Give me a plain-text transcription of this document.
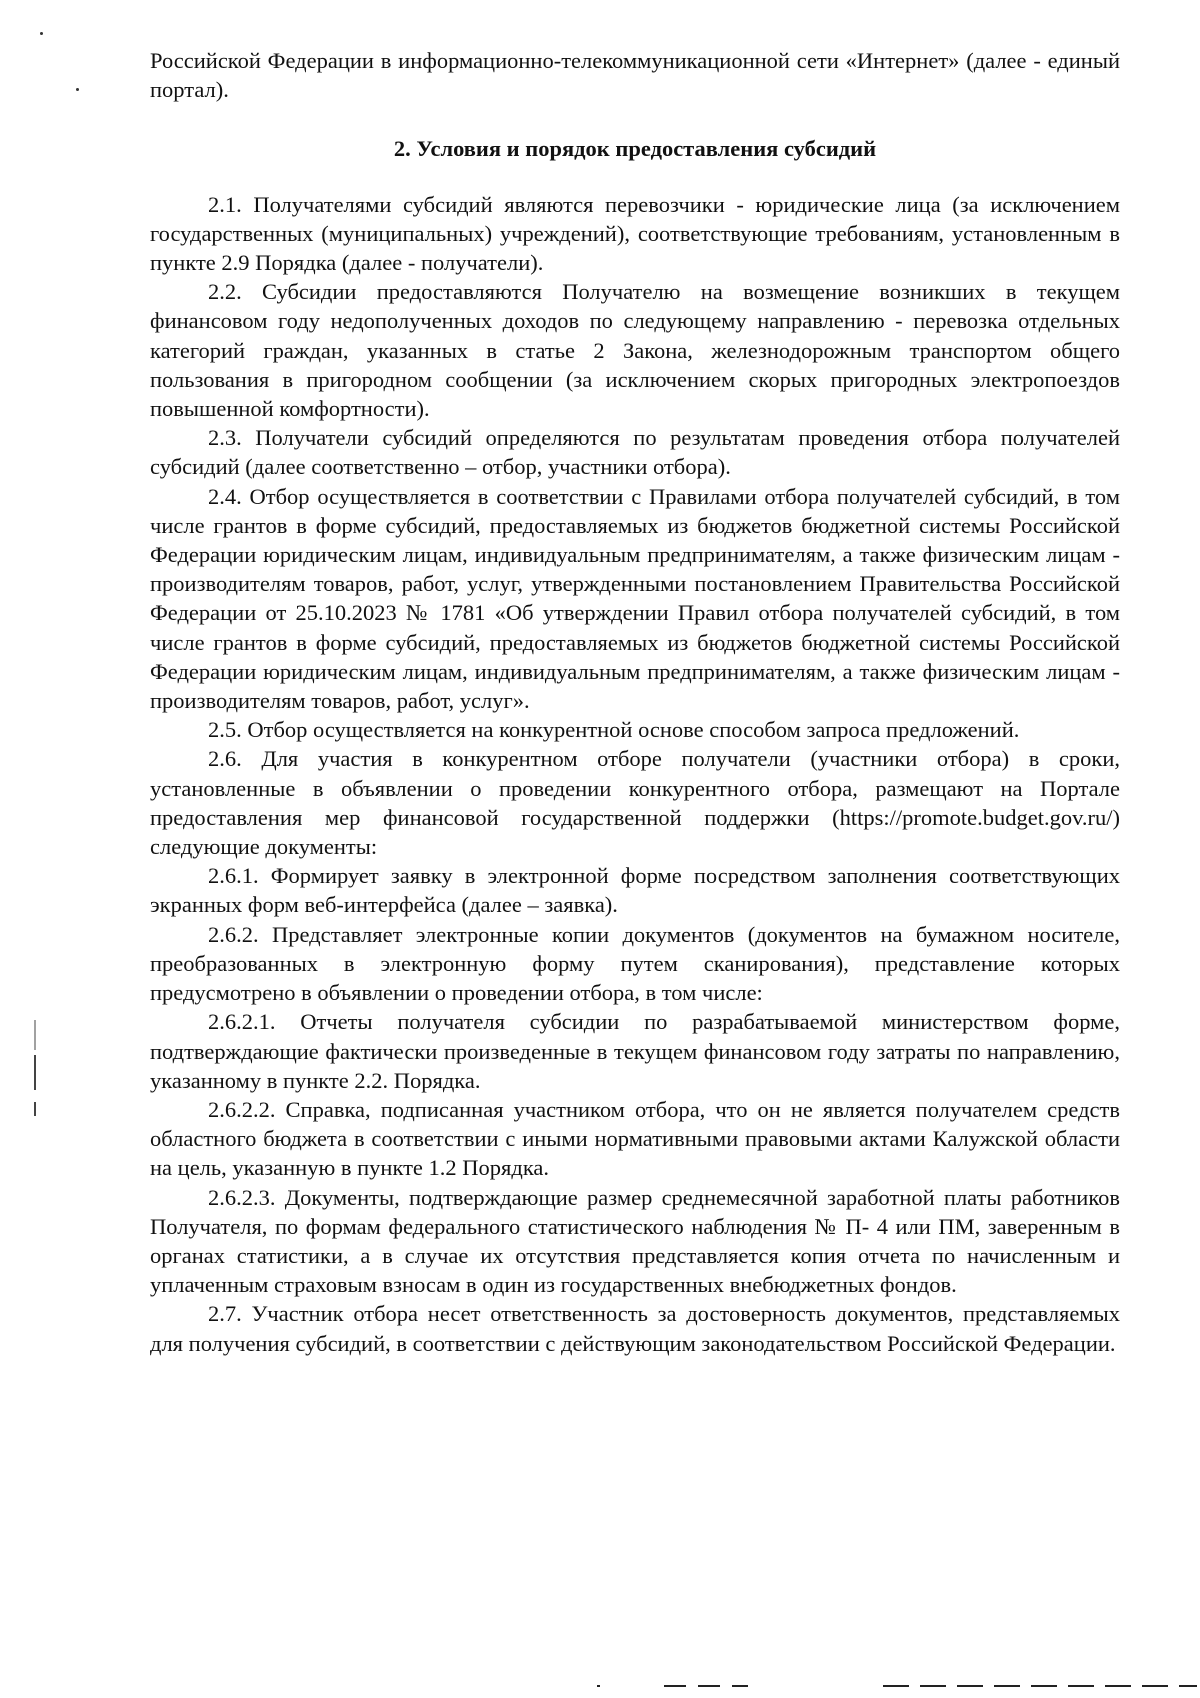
Российской Федерации в информационно-телекоммуникационной сети «Интернет» (далее - единый портал).

2. Условия и порядок предоставления субсидий

2.1. Получателями субсидий являются перевозчики - юридические лица (за исключением государственных (муниципальных) учреждений), соответствующие требованиям, установленным в пункте 2.9 Порядка (далее - получатели).

2.2. Субсидии предоставляются Получателю на возмещение возникших в текущем финансовом году недополученных доходов по следующему направлению - перевозка отдельных категорий граждан, указанных в статье 2 Закона, железнодорожным транспортом общего пользования в пригородном сообщении (за исключением скорых пригородных электропоездов повышенной комфортности).

2.3. Получатели субсидий определяются по результатам проведения отбора получателей субсидий (далее соответственно – отбор, участники отбора).

2.4. Отбор осуществляется в соответствии с Правилами отбора получателей субсидий, в том числе грантов в форме субсидий, предоставляемых из бюджетов бюджетной системы Российской Федерации юридическим лицам, индивидуальным предпринимателям, а также физическим лицам - производителям товаров, работ, услуг, утвержденными постановлением Правительства Российской Федерации от 25.10.2023 № 1781 «Об утверждении Правил отбора получателей субсидий, в том числе грантов в форме субсидий, предоставляемых из бюджетов бюджетной системы Российской Федерации юридическим лицам, индивидуальным предпринимателям, а также физическим лицам - производителям товаров, работ, услуг».

2.5. Отбор осуществляется на конкурентной основе способом запроса предложений.

2.6. Для участия в конкурентном отборе получатели (участники отбора) в сроки, установленные в объявлении о проведении конкурентного отбора, размещают на Портале предоставления мер финансовой государственной поддержки (https://promote.budget.gov.ru/) следующие документы:

2.6.1. Формирует заявку в электронной форме посредством заполнения соответствующих экранных форм веб-интерфейса (далее – заявка).

2.6.2. Представляет электронные копии документов (документов на бумажном носителе, преобразованных в электронную форму путем сканирования), представление которых предусмотрено в объявлении о проведении отбора, в том числе:

2.6.2.1. Отчеты получателя субсидии по разрабатываемой министерством форме, подтверждающие фактически произведенные в текущем финансовом году затраты по направлению, указанному в пункте 2.2. Порядка.

2.6.2.2. Справка, подписанная участником отбора, что он не является получателем средств областного бюджета в соответствии с иными нормативными правовыми актами Калужской области на цель, указанную в пункте 1.2 Порядка.

2.6.2.3. Документы, подтверждающие размер среднемесячной заработной платы работников Получателя, по формам федерального статистического наблюдения № П- 4 или ПМ, заверенным в органах статистики, а в случае их отсутствия представляется копия отчета по начисленным и уплаченным страховым взносам в один из государственных внебюджетных фондов.

2.7. Участник отбора несет ответственность за достоверность документов, представляемых для получения субсидий, в соответствии с действующим законодательством Российской Федерации.
